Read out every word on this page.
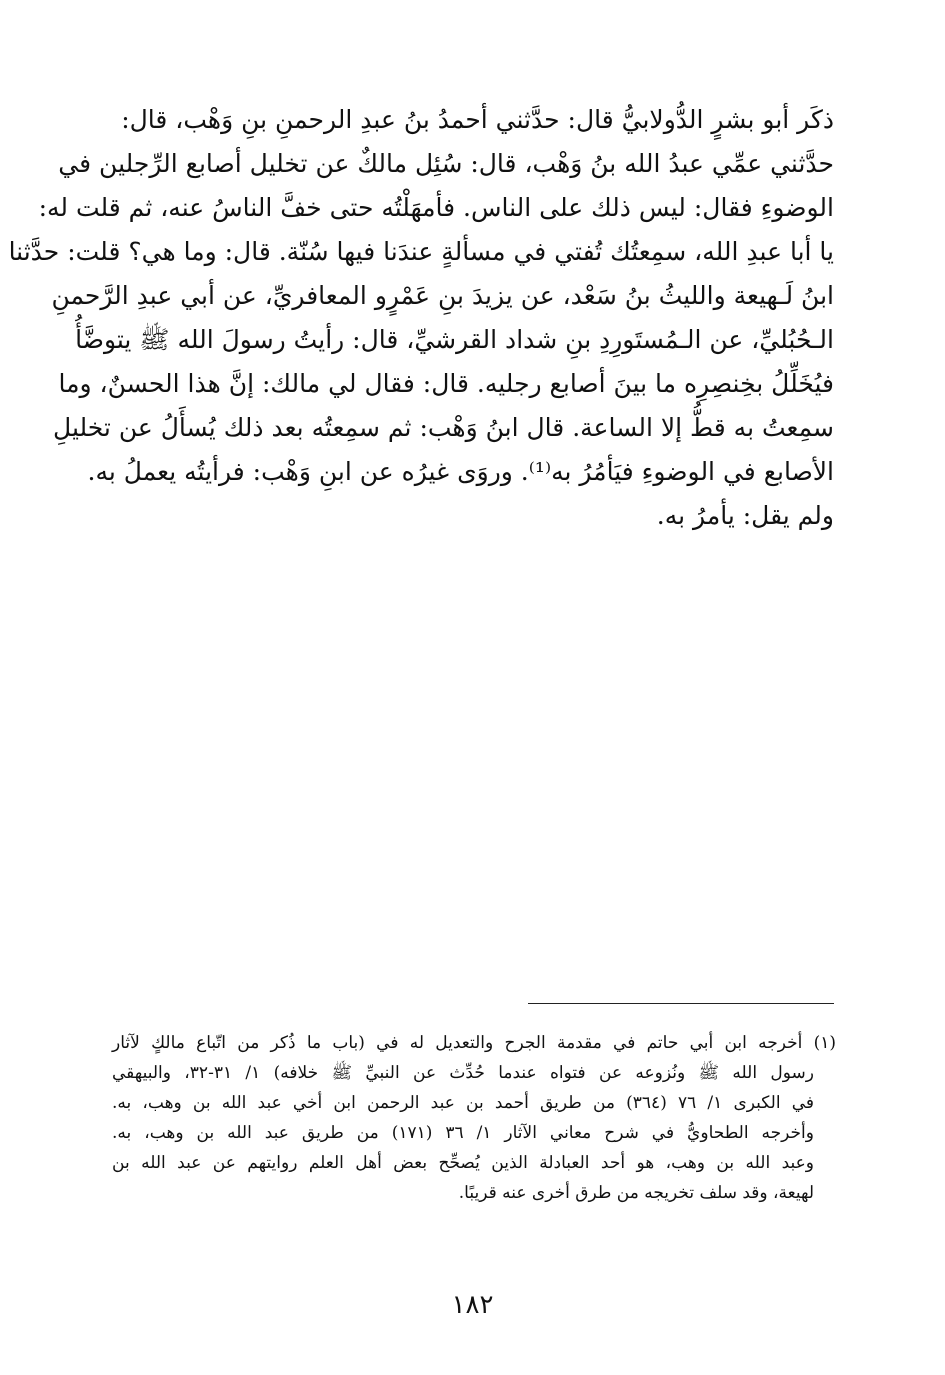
ذكَر أبو بشرٍ الدُّولابيُّ قال: حدَّثني أحمدُ بنُ عبدِ الرحمنِ بنِ وَهْب، قال:
حدَّثني عمِّي عبدُ الله بنُ وَهْب، قال: سُئِل مالكٌ عن تخليل أصابع الرِّجلين في
الوضوءِ فقال: ليس ذلك على الناس. فأمهَلْتُه حتى خفَّ الناسُ عنه، ثم قلت له:
يا أبا عبدِ الله، سمِعتُك تُفتي في مسألةٍ عندَنا فيها سُنّة. قال: وما هي؟ قلت: حدَّثنا
ابنُ لَـهيعة والليثُ بنُ سَعْد، عن يزيدَ بنِ عَمْرٍو المعافريِّ، عن أبي عبدِ الرَّحمنِ
الـحُبُليِّ، عن الـمُستَورِدِ بنِ شداد القرشيِّ، قال: رأيتُ رسولَ الله ﷺ يتوضَّأُ
فيُخَلِّلُ بخِنصِرِه ما بينَ أصابع رجليه. قال: فقال لي مالك: إنَّ هذا الحسنٌ، وما
سمِعتُ به قطُّ إلا الساعة. قال ابنُ وَهْب: ثم سمِعتُه بعد ذلك يُسأَلُ عن تخليلِ
الأصابع في الوضوءِ فيَأمُرُ به⁽¹⁾. وروَى غيرُه عن ابنِ وَهْب: فرأيتُه يعملُ به.
ولم يقل: يأمرُ به.
(١) أخرجه ابن أبي حاتم في مقدمة الجرح والتعديل له في (باب ما ذُكر من اتّباع مالكٍ لآثار
رسول الله ﷺ ونُزوعه عن فتواه عندما حُدِّث عن النبيِّ ﷺ خلافه) ١/ ٣١-٣٢، والبيهقي
في الكبرى ١/ ٧٦ (٣٦٤) من طريق أحمد بن عبد الرحمن ابن أخي عبد الله بن وهب، به.
وأخرجه الطحاويُّ في شرح معاني الآثار ١/ ٣٦ (١٧١) من طريق عبد الله بن وهب، به.
وعبد الله بن وهب، هو أحد العبادلة الذين يُصحِّح بعض أهل العلم روايتهم عن عبد الله بن
لهيعة، وقد سلف تخريجه من طرق أخرى عنه قريبًا.
١٨٢
